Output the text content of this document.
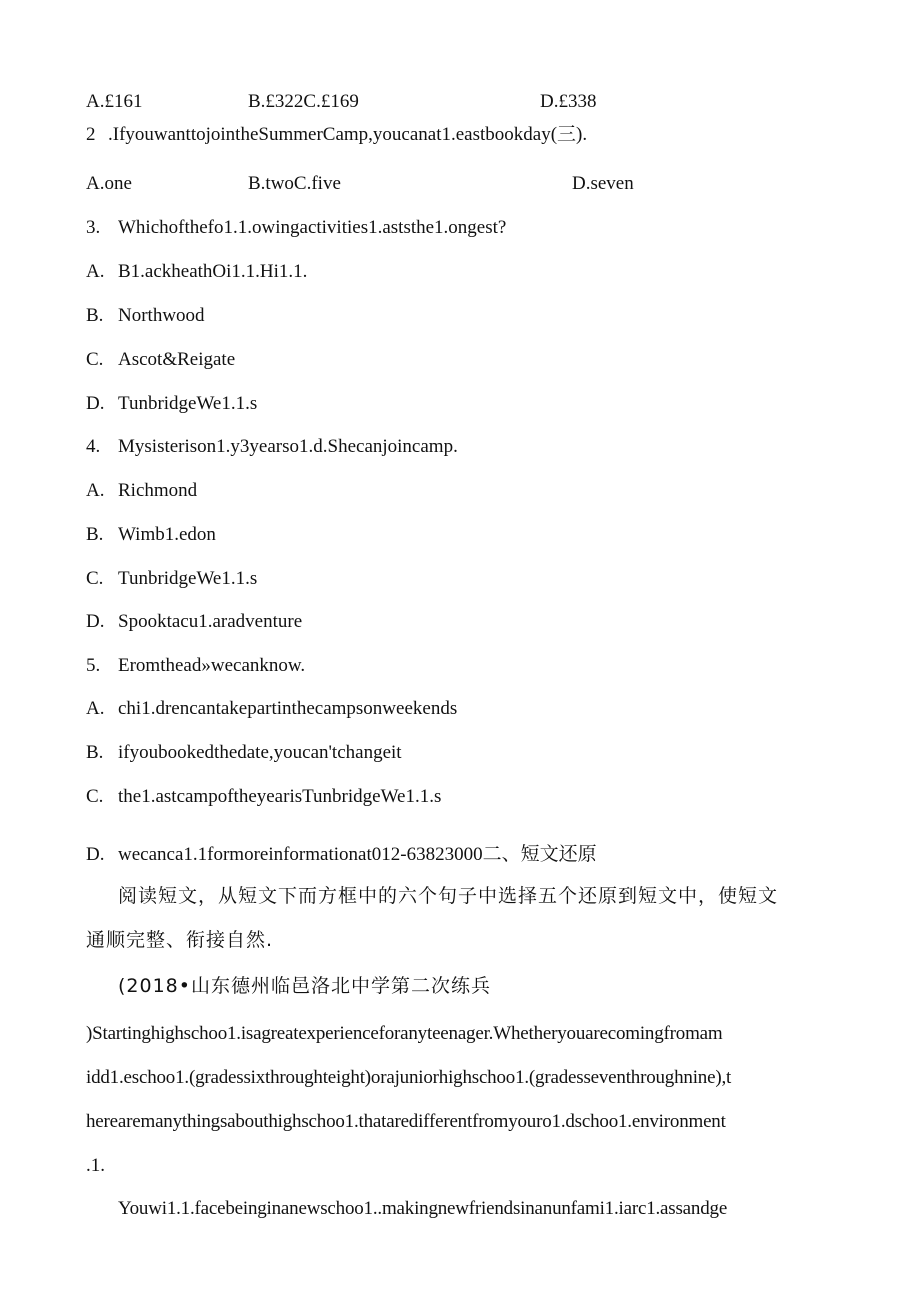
A.£161	B.£322C.£169	D.£338
2 .IfyouwanttojointheSummerCamp,youcanat1.eastbookday(三).
A.one	B.twoC.five	D.seven
3. Whichofthefo1.1.owingactivities1.aststhe1.ongest?
A. B1.ackheathOi1.1.Hi1.1.
B. Northwood
C. Ascot&Reigate
D. TunbridgeWe1.1.s
4. Mysisterison1.y3yearso1.d.Shecanjoincamp.
A. Richmond
B. Wimb1.edon
C. TunbridgeWe1.1.s
D. Spooktacu1.aradventure
5. Eromthead»wecanknow.
A. chi1.drencantakepartinthecampsonweekends
B. ifyoubookedthedate,youcan'tchangeit
C. the1.astcampoftheyearisTunbridgeWe1.1.s
D. wecanca1.1formoreinformationat012-63823000二、短文还原
阅读短文，从短文下而方框中的六个句子中选择五个还原到短文中，使短文
通顺完整、衔接自然.
(2018•山东德州临邑洛北中学第二次练兵
)Startinghighschoo1.isagreatexperienceforanyteenager.Whetheryouarecomingfromam
idd1.eschoo1.(gradessixthroughteight)orajuniorhighschoo1.(gradesseventhroughnine),t
herearemanythingsabouthighschoo1.thataredifferentfromyouro1.dschoo1.environment
.1.
Youwi1.1.facebeinginanewschoo1..makingnewfriendsinanunfami1.iarc1.assandge
